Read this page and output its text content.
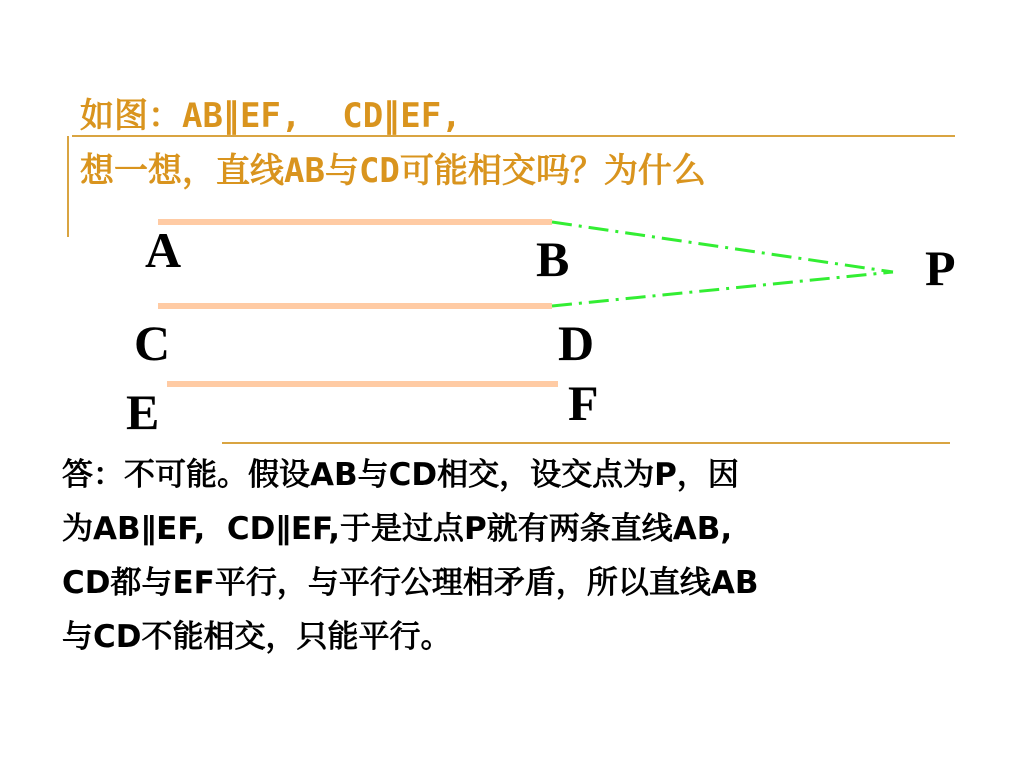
如图：AB∥EF,  CD∥EF,
想一想，直线AB与CD可能相交吗？为什么
A	B	P
C	D
F
E
答：不可能。假设AB与CD相交，设交点为P，因
为AB∥EF,  CD∥EF,于是过点P就有两条直线AB,
CD都与EF平行，与平行公理相矛盾，所以直线AB
与CD不能相交，只能平行。
